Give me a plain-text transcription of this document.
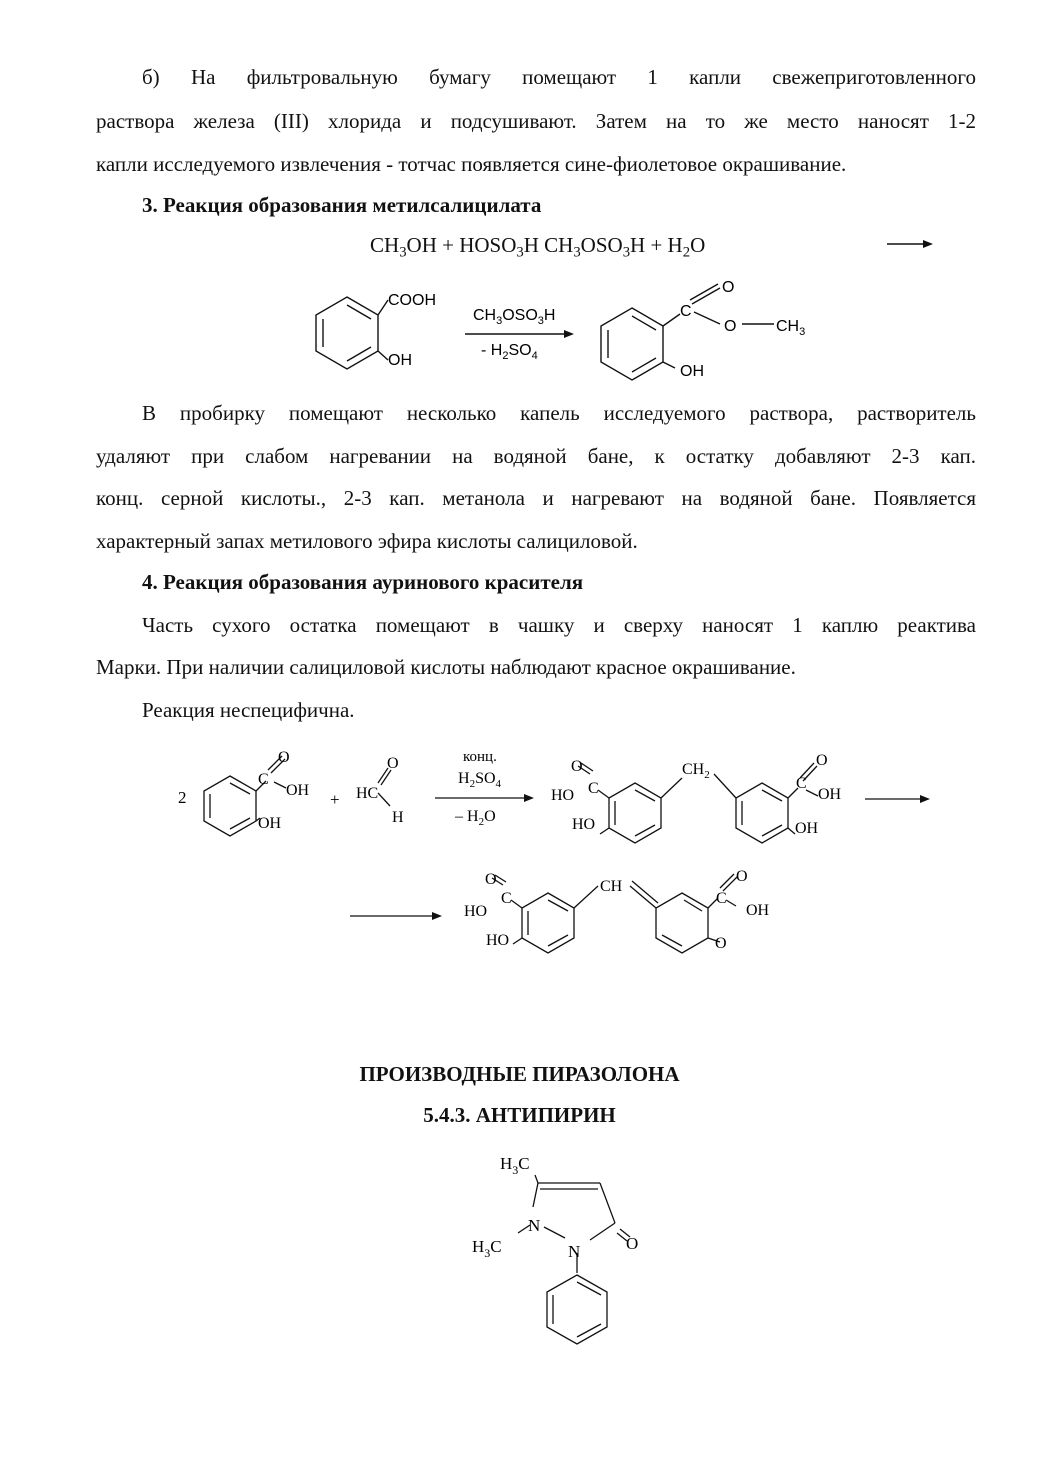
б) На фильтровальную бумагу помещают 1 капли свежеприготовленного
раствора железа (III) хлорида и подсушивают. Затем на то же место наносят 1-2
капли исследуемого извлечения - тотчас появляется сине-фиолетовое окрашивание.
3. Реакция образования метилсалицилата
$CH_3OH$ + $HOSO_3H$ $CH_3OSO_3H + H_2O$
COOH
OH
$CH_3OSO_3H$
- $H_2SO_4$
C
O
O $CH_3$
OH
В пробирку помещают несколько капель исследуемого раствора, растворитель
удаляют при слабом нагревании на водяной бане, к остатку добавляют 2-3 кап.
конц. серной кислоты., 2-3 кап. метанола и нагревают на водяной бане. Появляется
характерный запах метилового эфира кислоты салициловой.
4. Реакция образования ауринового красителя
Часть сухого остатка помещают в чашку и сверху наносят 1 каплю реактива
Марки. При наличии салициловой кислоты наблюдают красное окрашивание.
Реакция неспецифична.
2
O
C
OH
OH
+
O
HC
H
конц.
$H_2SO_4$
– $H_2O$
O
C
HO
HO
$CH_2$
O
C
OH
OH
O
C
HO
HO
CH
O
C
OH
O
ПРОИЗВОДНЫЕ ПИРАЗОЛОНА
5.4.3. АНТИПИРИН
$H_3C$
N
$H_3C$	N	O
